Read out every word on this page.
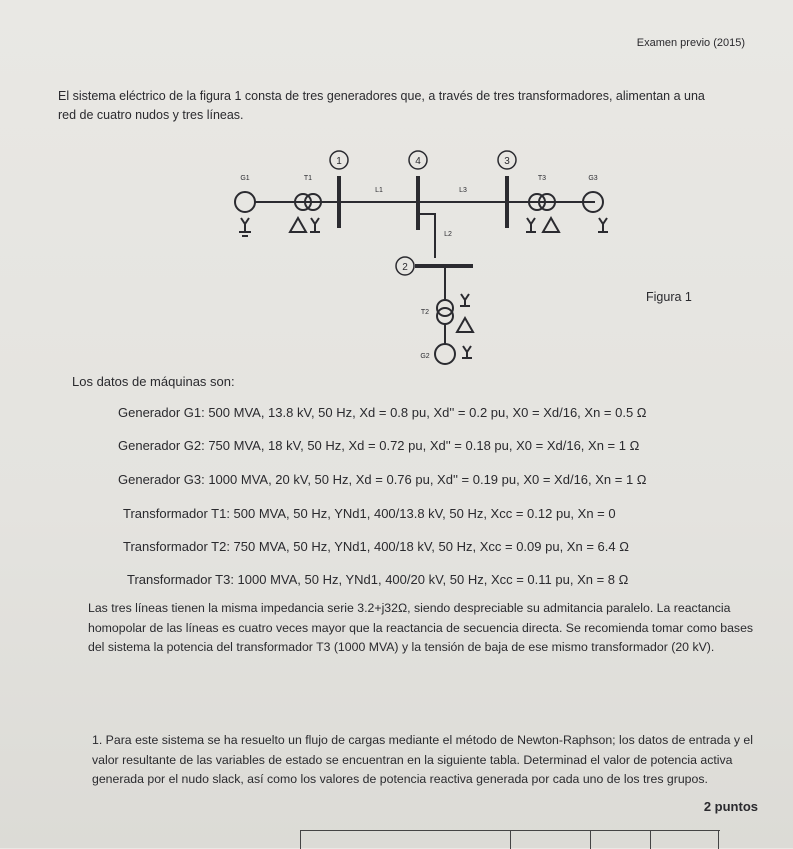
Examen previo (2015)
El sistema eléctrico de la figura 1 consta de tres generadores que, a través de tres transformadores, alimentan a una red de cuatro nudos y tres líneas.
1	4	3
2
G1	T1
L1	L3
T3	G3
L2
T2
G2
Figura 1
Los datos de máquinas son:
Generador G1: 500 MVA, 13.8 kV, 50 Hz, Xd = 0.8 pu, Xd'' = 0.2 pu, X0 = Xd/16, Xn = 0.5 Ω
Generador G2: 750 MVA, 18 kV, 50 Hz, Xd = 0.72 pu, Xd'' = 0.18 pu, X0 = Xd/16, Xn = 1 Ω
Generador G3: 1000 MVA, 20 kV, 50 Hz, Xd = 0.76 pu, Xd'' = 0.19 pu, X0 = Xd/16, Xn = 1 Ω
Transformador T1: 500 MVA, 50 Hz, YNd1, 400/13.8 kV, 50 Hz, Xcc = 0.12 pu, Xn = 0
Transformador T2: 750 MVA, 50 Hz, YNd1, 400/18 kV, 50 Hz, Xcc = 0.09 pu, Xn = 6.4 Ω
Transformador T3: 1000 MVA, 50 Hz, YNd1, 400/20 kV, 50 Hz, Xcc = 0.11 pu, Xn = 8 Ω
Las tres líneas tienen la misma impedancia serie 3.2+j32Ω, siendo despreciable su admitancia paralelo. La reactancia homopolar de las líneas es cuatro veces mayor que la reactancia de secuencia directa. Se recomienda tomar como bases del sistema la potencia del transformador T3 (1000 MVA) y la tensión de baja de ese mismo transformador (20 kV).
1. Para este sistema se ha resuelto un flujo de cargas mediante el método de Newton-Raphson; los datos de entrada y el valor resultante de las variables de estado se encuentran en la siguiente tabla. Determinad el valor de potencia activa generada por el nudo slack, así como los valores de potencia reactiva generada por cada uno de los tres grupos.
2 puntos
